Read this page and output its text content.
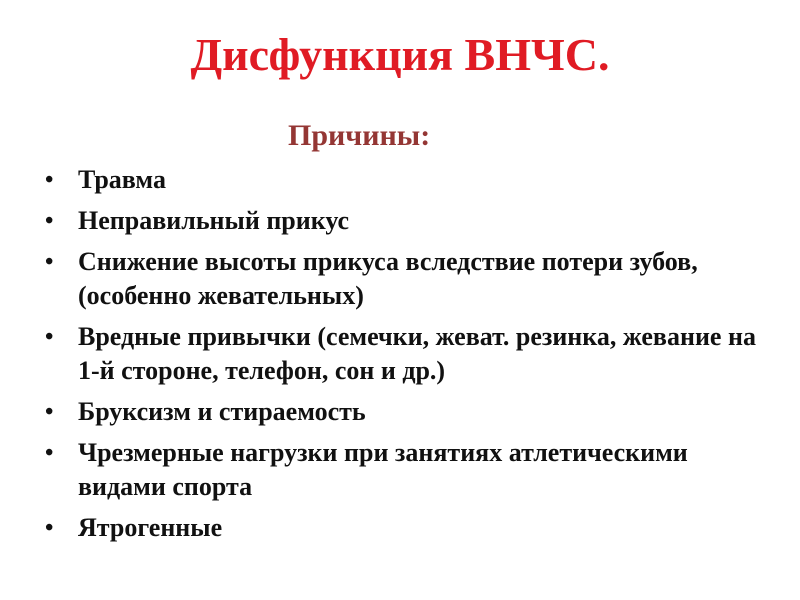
Дисфункция ВНЧС.
Причины:
• Травма
• Неправильный прикус
• Снижение высоты прикуса вследствие потери зубов, (особенно жевательных)
• Вредные привычки (семечки, жеват. резинка, жевание на 1-й стороне, телефон, сон и др.)
• Бруксизм и стираемость
• Чрезмерные нагрузки при занятиях атлетическими видами спорта
• Ятрогенные
